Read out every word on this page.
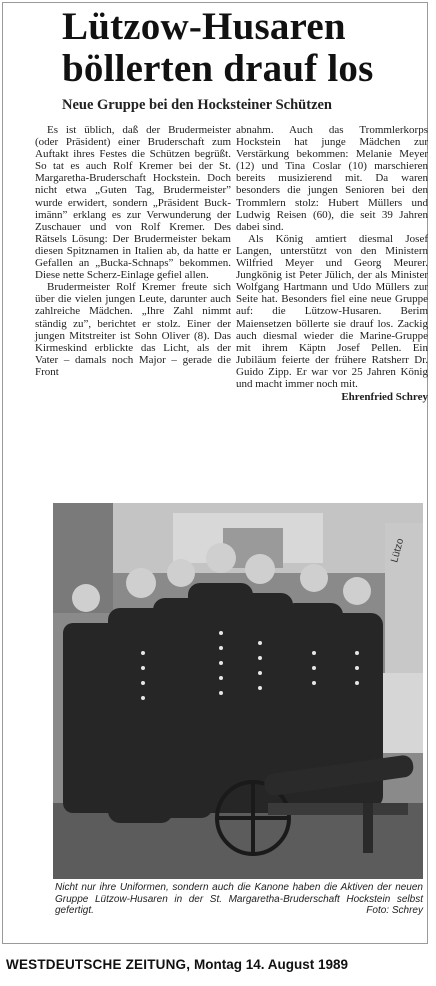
Lützow-Husaren böllerten drauf los
Neue Gruppe bei den Hocksteiner Schützen

Es ist üblich, daß der Brudermeister (oder Präsident) einer Bruderschaft zum Auftakt ihres Festes die Schützen begrüßt. So tat es auch Rolf Kremer bei der St. Margaretha-Bruderschaft Hockstein. Doch nicht etwa „Guten Tag, Brudermeister” wurde erwidert, sondern „Präsident Buckimänn” erklang es zur Verwunderung der Zuschauer und von Rolf Kremer. Des Rätsels Lösung: Der Brudermeister bekam diesen Spitznamen in Italien ab, da hatte er Gefallen an „Bucka-Schnaps” bekommen. Diese nette Scherz-Einlage gefiel allen.

Brudermeister Rolf Kremer freute sich über die vielen jungen Leute, darunter auch zahlreiche Mädchen. „Ihre Zahl nimmt ständig zu”, berichtet er stolz. Einer der jungen Mitstreiter ist Sohn Oliver (8). Das Kirmeskind erblickte das Licht, als der Vater – damals noch Major – gerade die Front

abnahm. Auch das Trommlerkorps Hockstein hat junge Mädchen zur Verstärkung bekommen: Melanie Meyer (12) und Tina Coslar (10) marschieren bereits musizierend mit. Da waren besonders die jungen Senioren bei den Trommlern stolz: Hubert Müllers und Ludwig Reisen (60), die seit 39 Jahren dabei sind.

Als König amtiert diesmal Josef Langen, unterstützt von den Ministern Wilfried Meyer und Georg Meurer. Jungkönig ist Peter Jülich, der als Minister Wolfgang Hartmann und Udo Müllers zur Seite hat. Besonders fiel eine neue Gruppe auf: die Lützow-Husaren. Berim Maiensetzen böllerte sie drauf los. Zackig auch diesmal wieder die Marine-Gruppe mit ihrem Käptn Josef Pellen. Ein Jubiläum feierte der frühere Ratsherr Dr. Guido Zipp. Er war vor 25 Jahren König und macht immer noch mit.

Ehrenfried Schrey
Lützo
Nicht nur ihre Uniformen, sondern auch die Kanone haben die Aktiven der neuen Gruppe Lützow-Husaren in der St. Margaretha-Bruderschaft Hockstein selbst gefertigt.	Foto: Schrey
WESTDEUTSCHE ZEITUNG, Montag 14. August 1989
